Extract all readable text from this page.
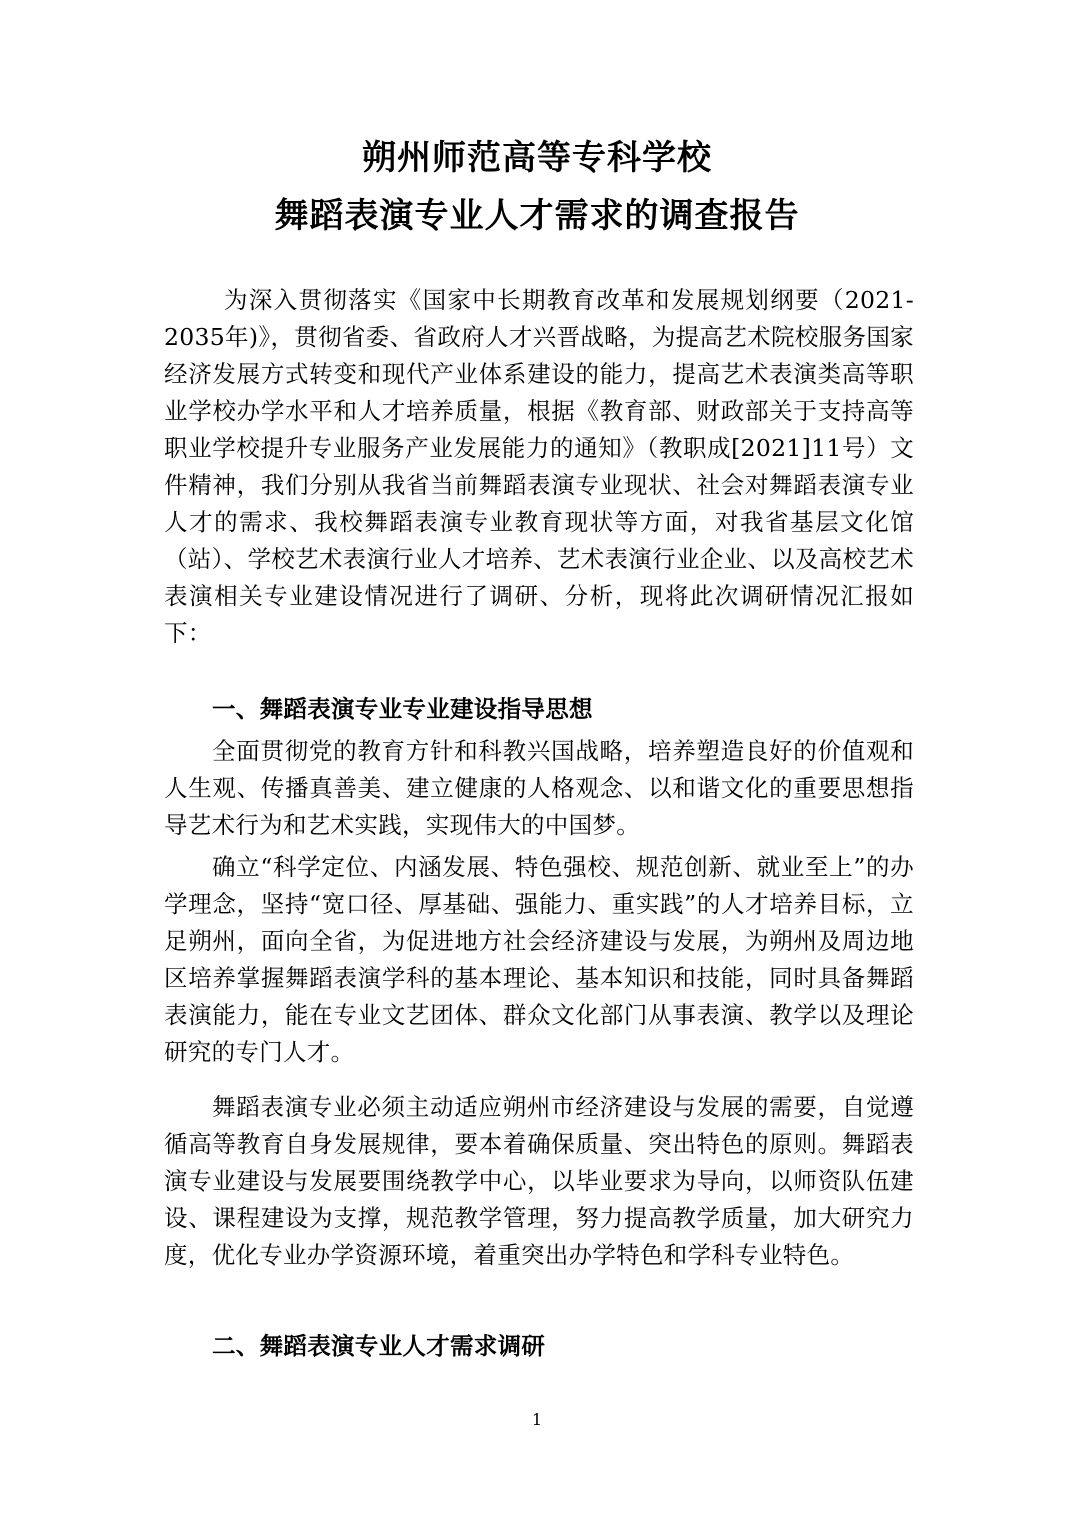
朔州师范高等专科学校
舞蹈表演专业人才需求的调查报告
为深入贯彻落实《国家中长期教育改革和发展规划纲要（2021-2035年)》，贯彻省委、省政府人才兴晋战略，为提高艺术院校服务国家经济发展方式转变和现代产业体系建设的能力，提高艺术表演类高等职业学校办学水平和人才培养质量，根据《教育部、财政部关于支持高等职业学校提升专业服务产业发展能力的通知》（教职成[2021]11号）文件精神，我们分别从我省当前舞蹈表演专业现状、社会对舞蹈表演专业人才的需求、我校舞蹈表演专业教育现状等方面，对我省基层文化馆（站）、学校艺术表演行业人才培养、艺术表演行业企业、以及高校艺术表演相关专业建设情况进行了调研、分析，现将此次调研情况汇报如下：
一、舞蹈表演专业专业建设指导思想
全面贯彻党的教育方针和科教兴国战略，培养塑造良好的价值观和人生观、传播真善美、建立健康的人格观念、以和谐文化的重要思想指导艺术行为和艺术实践，实现伟大的中国梦。
确立“科学定位、内涵发展、特色强校、规范创新、就业至上”的办学理念，坚持“宽口径、厚基础、强能力、重实践”的人才培养目标，立足朔州，面向全省，为促进地方社会经济建设与发展，为朔州及周边地区培养掌握舞蹈表演学科的基本理论、基本知识和技能，同时具备舞蹈表演能力，能在专业文艺团体、群众文化部门从事表演、教学以及理论研究的专门人才。
舞蹈表演专业必须主动适应朔州市经济建设与发展的需要，自觉遵循高等教育自身发展规律，要本着确保质量、突出特色的原则。舞蹈表演专业建设与发展要围绕教学中心，以毕业要求为导向，以师资队伍建设、课程建设为支撑，规范教学管理，努力提高教学质量，加大研究力度，优化专业办学资源环境，着重突出办学特色和学科专业特色。
二、舞蹈表演专业人才需求调研
1
